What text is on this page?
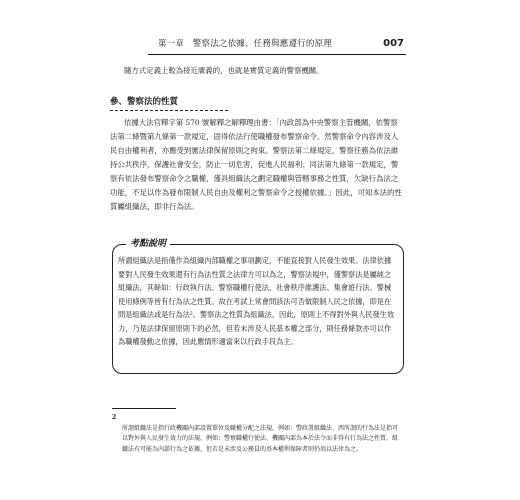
第一章　警察法之依據、任務與應遵行的原理	007
隨方式定義上較為接近廣義的，也就是實質定義的警察機關。
參、警察法的性質
依據大法官釋字第 570 號解釋之解釋理由書：「內政部為中央警察主管機關，依警察法第二條暨第九條第一款規定，固得依法行使職權發布警察命令。然警察命令內容涉及人民自由權利者，亦應受到憲法律保留原則之拘束。警察法第二條規定，警察任務為依法維持公共秩序，保護社會安全，防止一切危害，促進人民福利；同法第九條第一款規定，警察有依法發布警察命令之職權，僅具組織法之劃定職權與管轄事務之性質，欠缺行為法之功能，不足以作為發布限制人民自由及權利之警察命令之授權依據。」因此，可知本法的性質屬組織法，即非行為法。
考點說明
所謂組織法是指僅作為組織內部職權之事項劃定，不能直接對人民發生效果。法律依據要對人民發生效果還有行為法性質之法律方可以為之，警察法規中，僅警察法是屬純之組織法，其餘如：行政執行法、警察職權行使法、社會秩序維護法、集會遊行法、警械使用條例等皆有行為法之性質。故在考試上常會問該法可否做限制人民之依據，即是在問是組織法或是行為法²。警察法之性質為組織法，因此，原則上不得對外與人民發生效力，乃是法律保留原則下的必然，但若未涉及人民基本權之部分，則任務條款亦可以作為職權發動之依據，因此應情形適當來以行政手段為主。
2
所謂組織法是指行政機關內部設置單位及職權分配之法規，例如：警政署組織法、西所謂的行為法是指可以對外與人民發生效力的法規，例如：警察職權行使法、機關內部為本於法令而非得有行為法之性質，組織法有可能為內部行為之依據，但若是未涉及公務員的基本權利保障者則仍須以法律為之。
